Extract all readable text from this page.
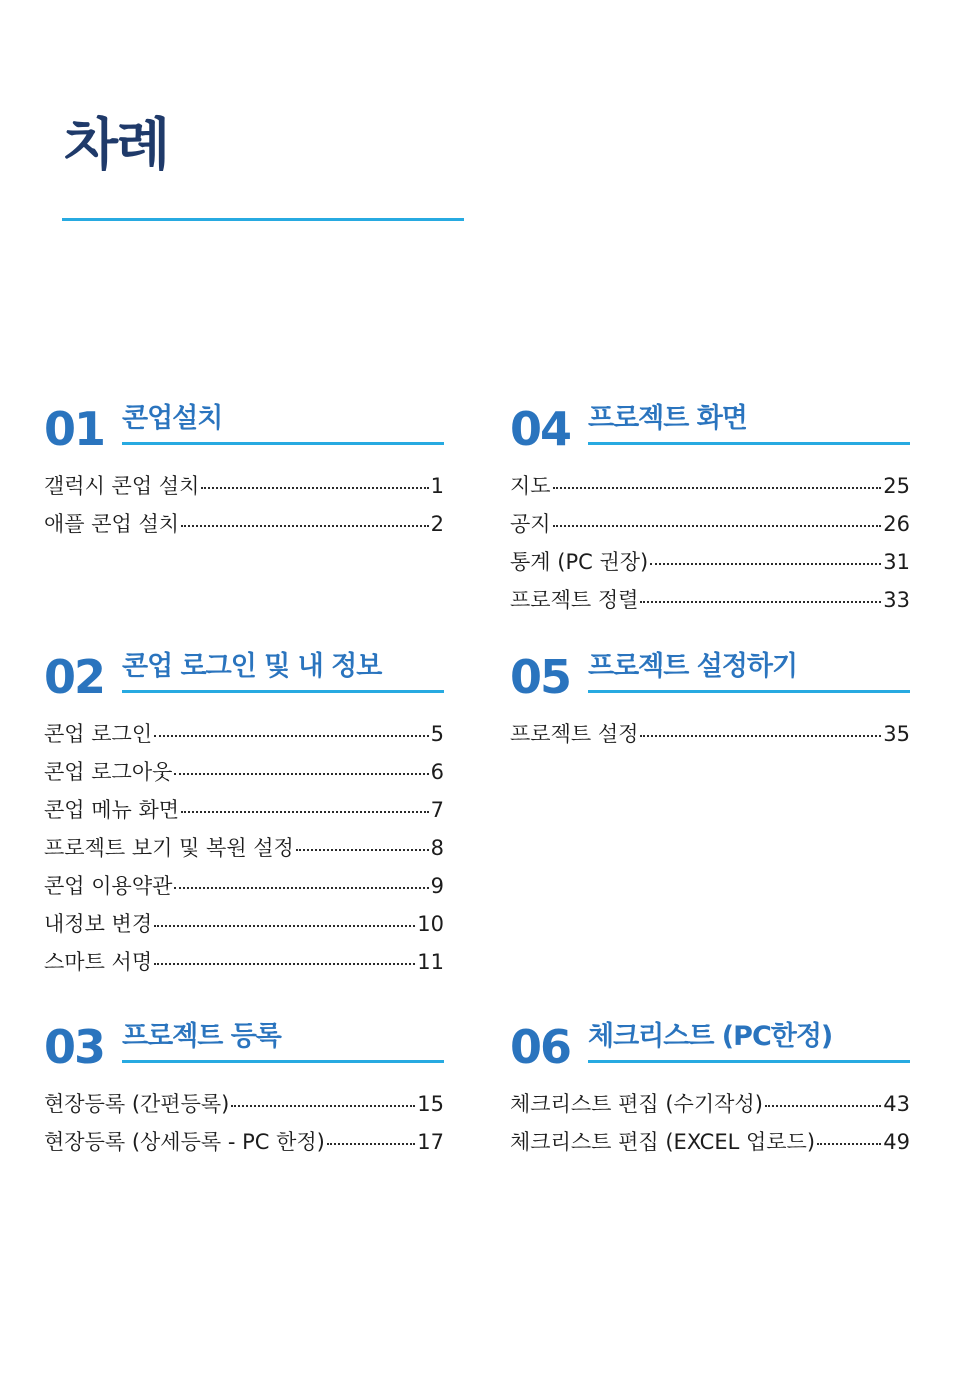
차례
01 콘업설치
갤럭시 콘업 설치	1
애플 콘업 설치	2
02 콘업 로그인 및 내 정보
콘업 로그인	5
콘업 로그아웃	6
콘업 메뉴 화면	7
프로젝트 보기 및 복원 설정	8
콘업 이용약관	9
내정보 변경	10
스마트 서명	11
03 프로젝트 등록
현장등록 (간편등록)	15
현장등록 (상세등록 - PC 한정)	17
04 프로젝트 화면
지도	25
공지	26
통계 (PC 권장)	31
프로젝트 정렬	33
05 프로젝트 설정하기
프로젝트 설정	35
06 체크리스트 (PC한정)
체크리스트 편집 (수기작성)	43
체크리스트 편집 (EXCEL 업로드)	49
